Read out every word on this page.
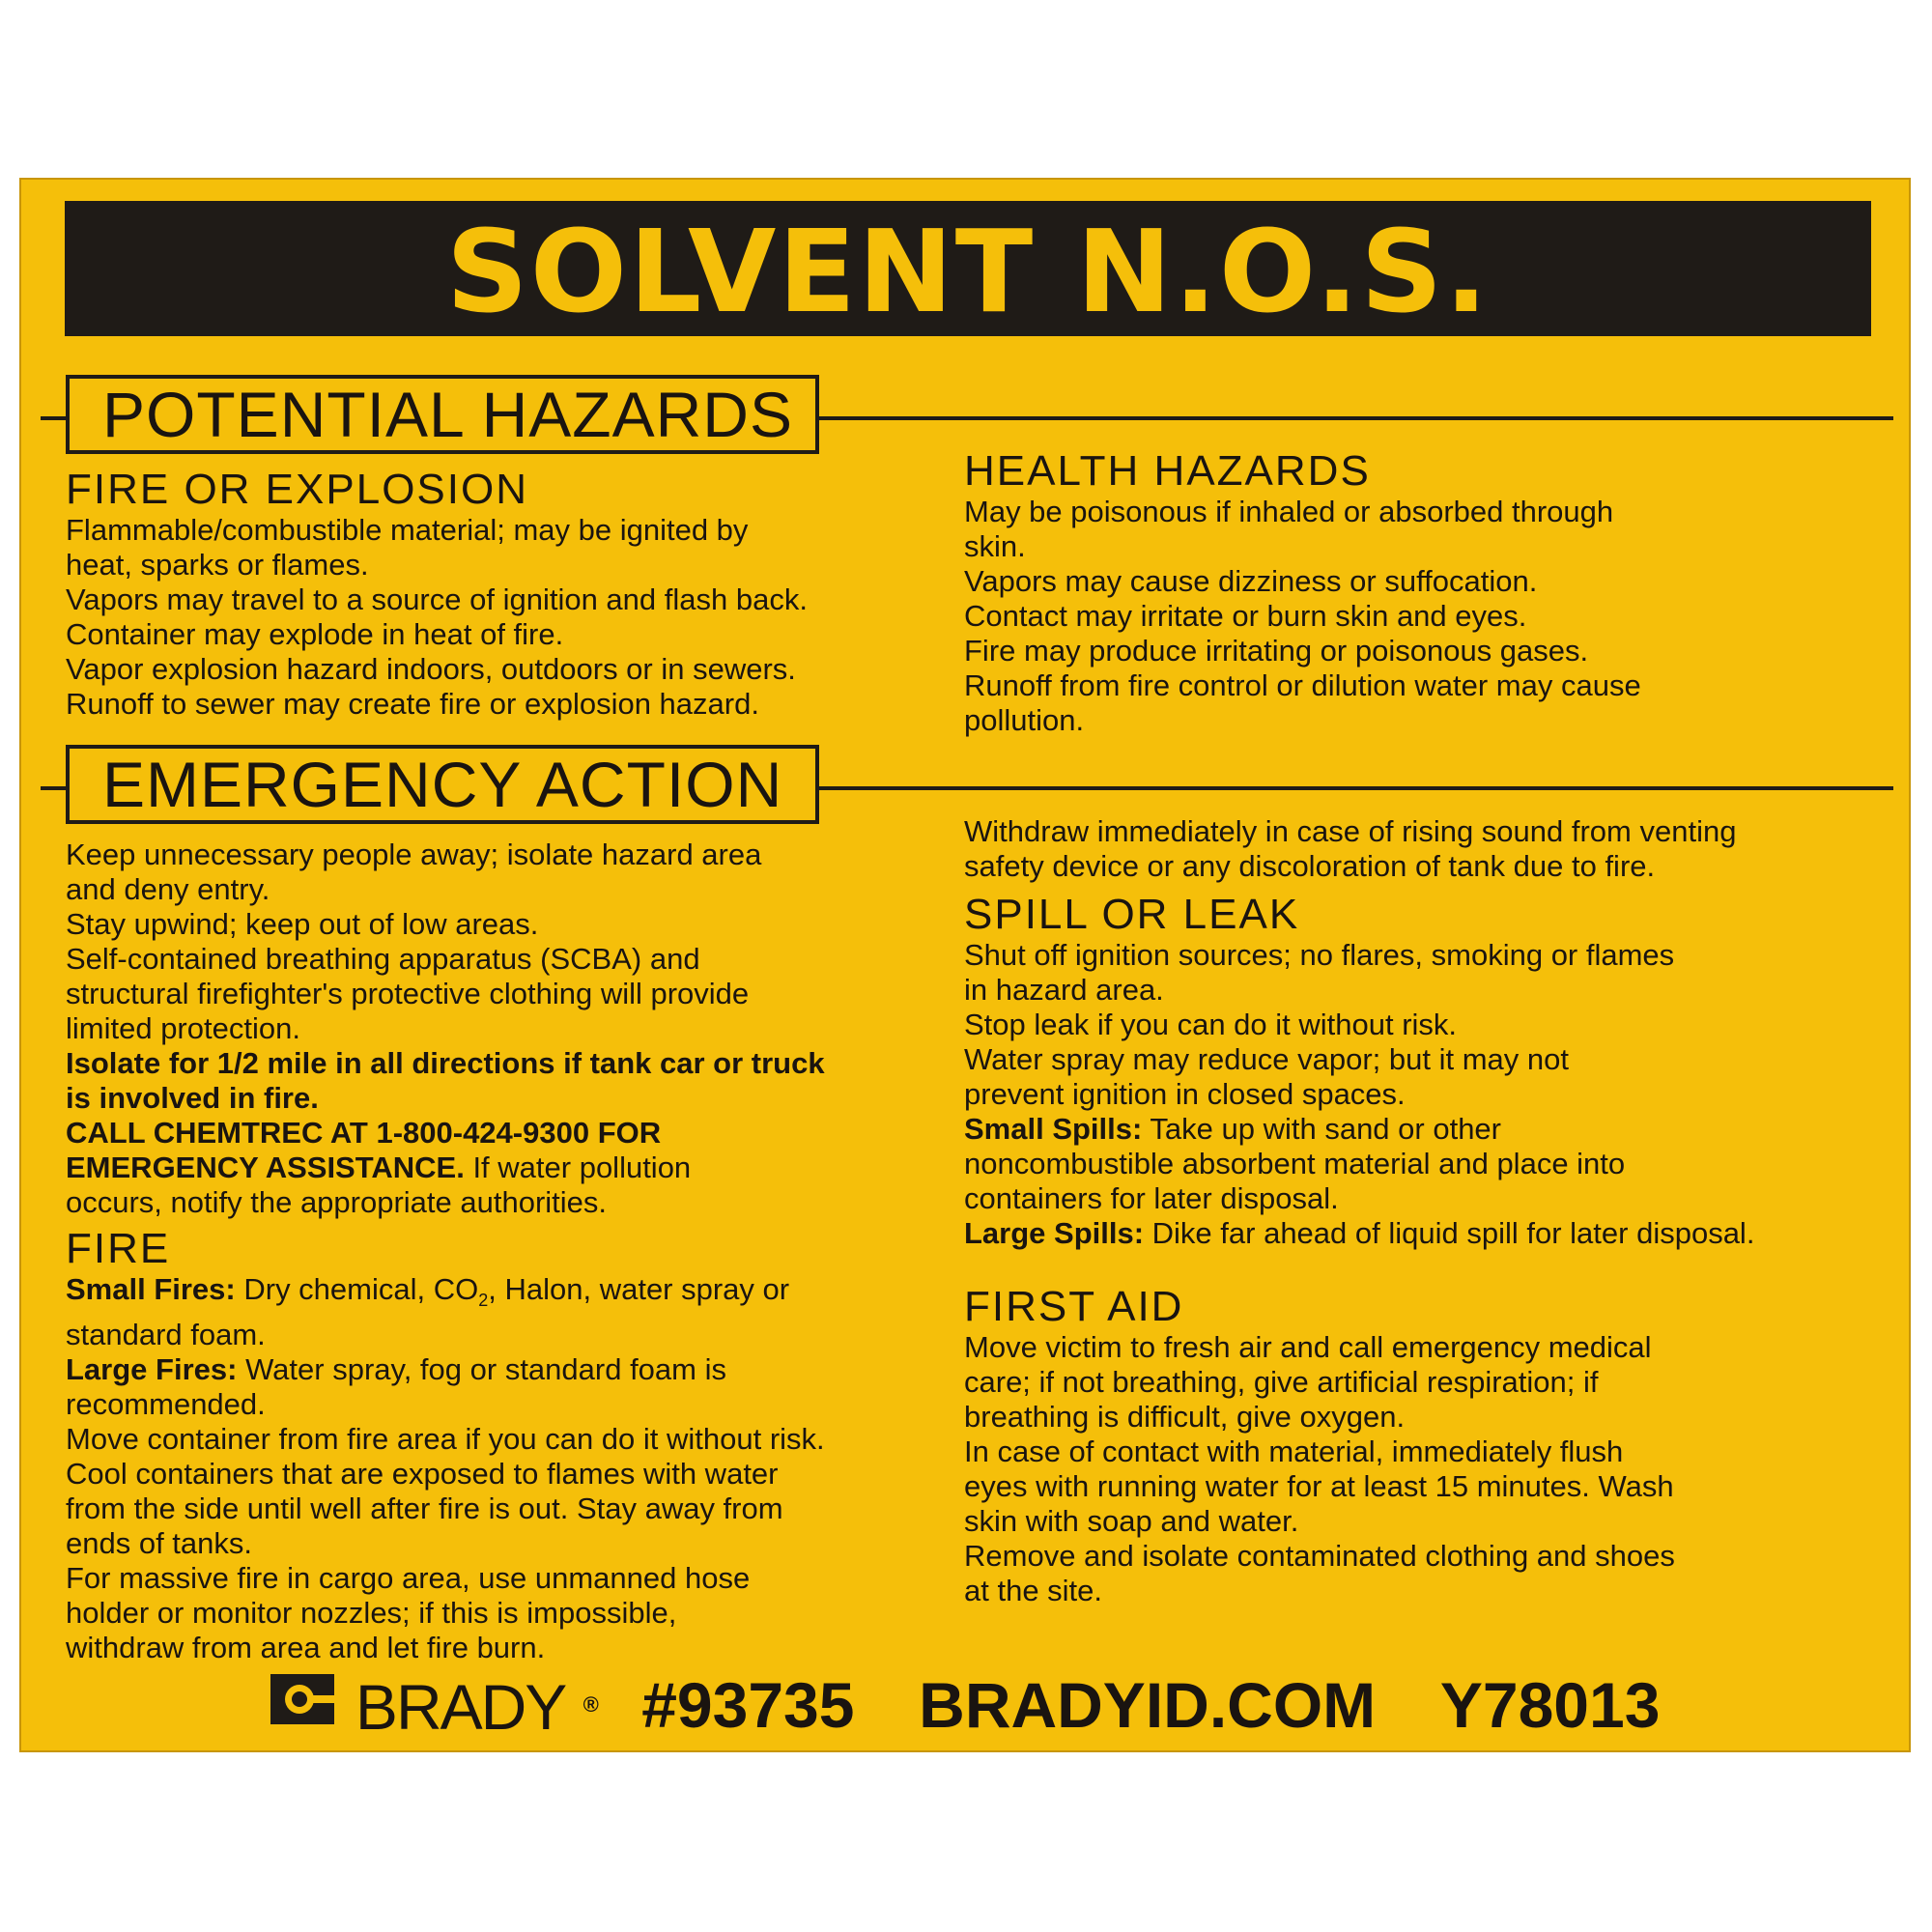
SOLVENT N.O.S.
POTENTIAL HAZARDS

FIRE OR EXPLOSION

Flammable/combustible material; may be ignited by

heat, sparks or flames.

Vapors may travel to a source of ignition and flash back.

Container may explode in heat of fire.

Vapor explosion hazard indoors, outdoors or in sewers.

Runoff to sewer may create fire or explosion hazard.

HEALTH HAZARDS

May be poisonous if inhaled or absorbed through

skin.

Vapors may cause dizziness or suffocation.

Contact may irritate or burn skin and eyes.

Fire may produce irritating or poisonous gases.

Runoff from fire control or dilution water may cause

pollution.

EMERGENCY ACTION

Keep unnecessary people away; isolate hazard area

and deny entry.

Stay upwind; keep out of low areas.

Self-contained breathing apparatus (SCBA) and

structural firefighter's protective clothing will provide

limited protection.

Isolate for 1/2 mile in all directions if tank car or truck

is involved in fire.

CALL CHEMTREC AT 1-800-424-9300 FOR

EMERGENCY ASSISTANCE. If water pollution

occurs, notify the appropriate authorities.

FIRE

Small Fires: Dry chemical, $CO_2$, Halon, water spray or

standard foam.

Large Fires: Water spray, fog or standard foam is

recommended.

Move container from fire area if you can do it without risk.

Cool containers that are exposed to flames with water

from the side until well after fire is out. Stay away from

ends of tanks.

For massive fire in cargo area, use unmanned hose

holder or monitor nozzles; if this is impossible,

withdraw from area and let fire burn.

Withdraw immediately in case of rising sound from venting

safety device or any discoloration of tank due to fire.

SPILL OR LEAK

Shut off ignition sources; no flares, smoking or flames

in hazard area.

Stop leak if you can do it without risk.

Water spray may reduce vapor; but it may not

prevent ignition in closed spaces.

Small Spills: Take up with sand or other

noncombustible absorbent material and place into

containers for later disposal.

Large Spills: Dike far ahead of liquid spill for later disposal.

FIRST AID

Move victim to fresh air and call emergency medical

care; if not breathing, give artificial respiration; if

breathing is difficult, give oxygen.

In case of contact with material, immediately flush

eyes with running water for at least 15 minutes. Wash

skin with soap and water.

Remove and isolate contaminated clothing and shoes

at the site.

BRADY ® #93735 BRADYID.COM Y78013
